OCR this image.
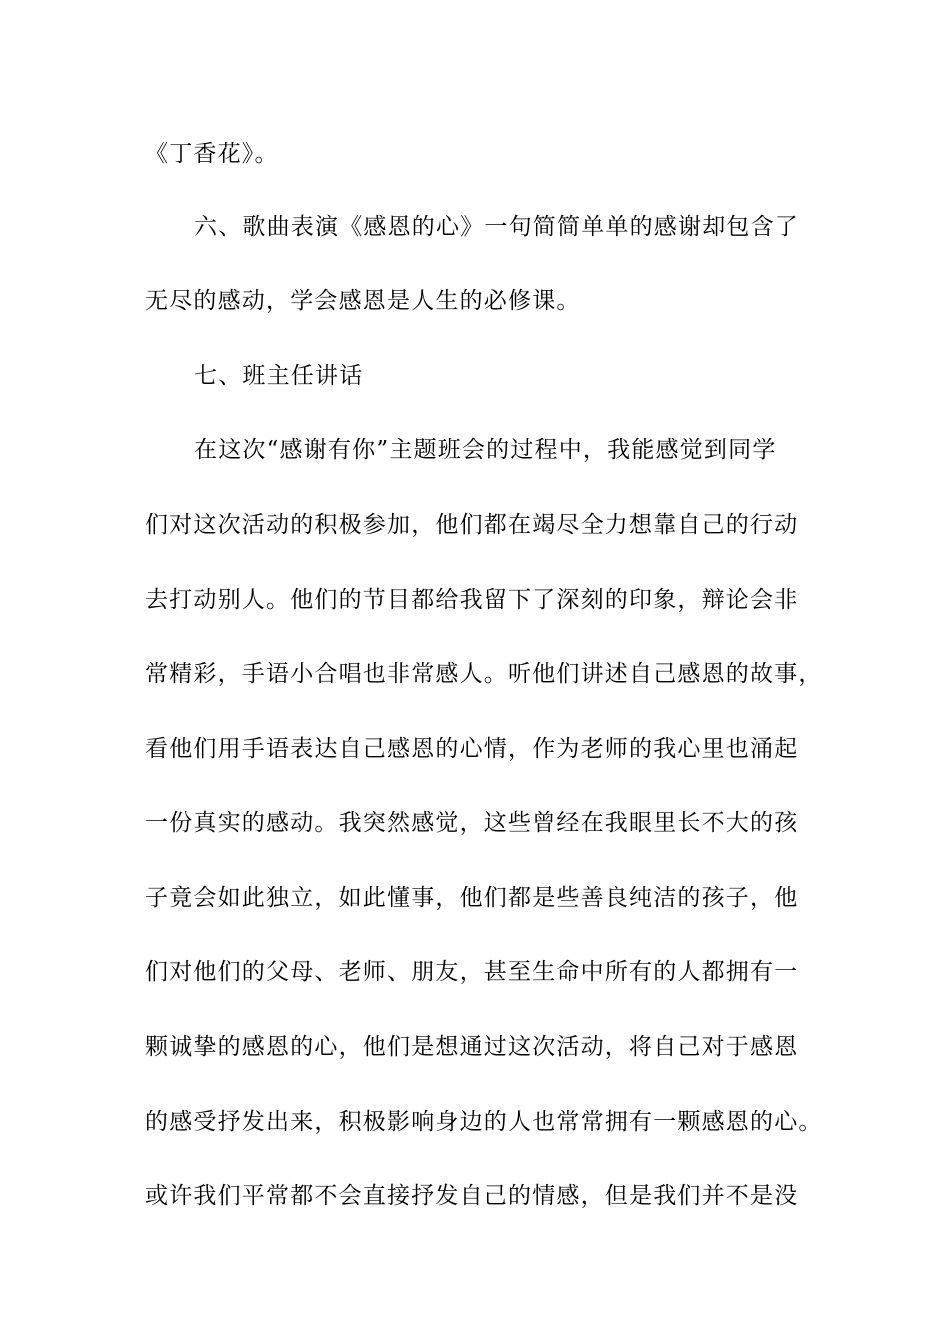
《丁香花》。
六、歌曲表演《感恩的心》一句简简单单的感谢却包含了
无尽的感动，学会感恩是人生的必修课。
七、班主任讲话
在这次“感谢有你”主题班会的过程中，我能感觉到同学
们对这次活动的积极参加，他们都在竭尽全力想靠自己的行动
去打动别人。他们的节目都给我留下了深刻的印象，辩论会非
常精彩，手语小合唱也非常感人。听他们讲述自己感恩的故事，
看他们用手语表达自己感恩的心情，作为老师的我心里也涌起
一份真实的感动。我突然感觉，这些曾经在我眼里长不大的孩
子竟会如此独立，如此懂事，他们都是些善良纯洁的孩子，他
们对他们的父母、老师、朋友，甚至生命中所有的人都拥有一
颗诚挚的感恩的心，他们是想通过这次活动，将自己对于感恩
的感受抒发出来，积极影响身边的人也常常拥有一颗感恩的心。
或许我们平常都不会直接抒发自己的情感，但是我们并不是没
